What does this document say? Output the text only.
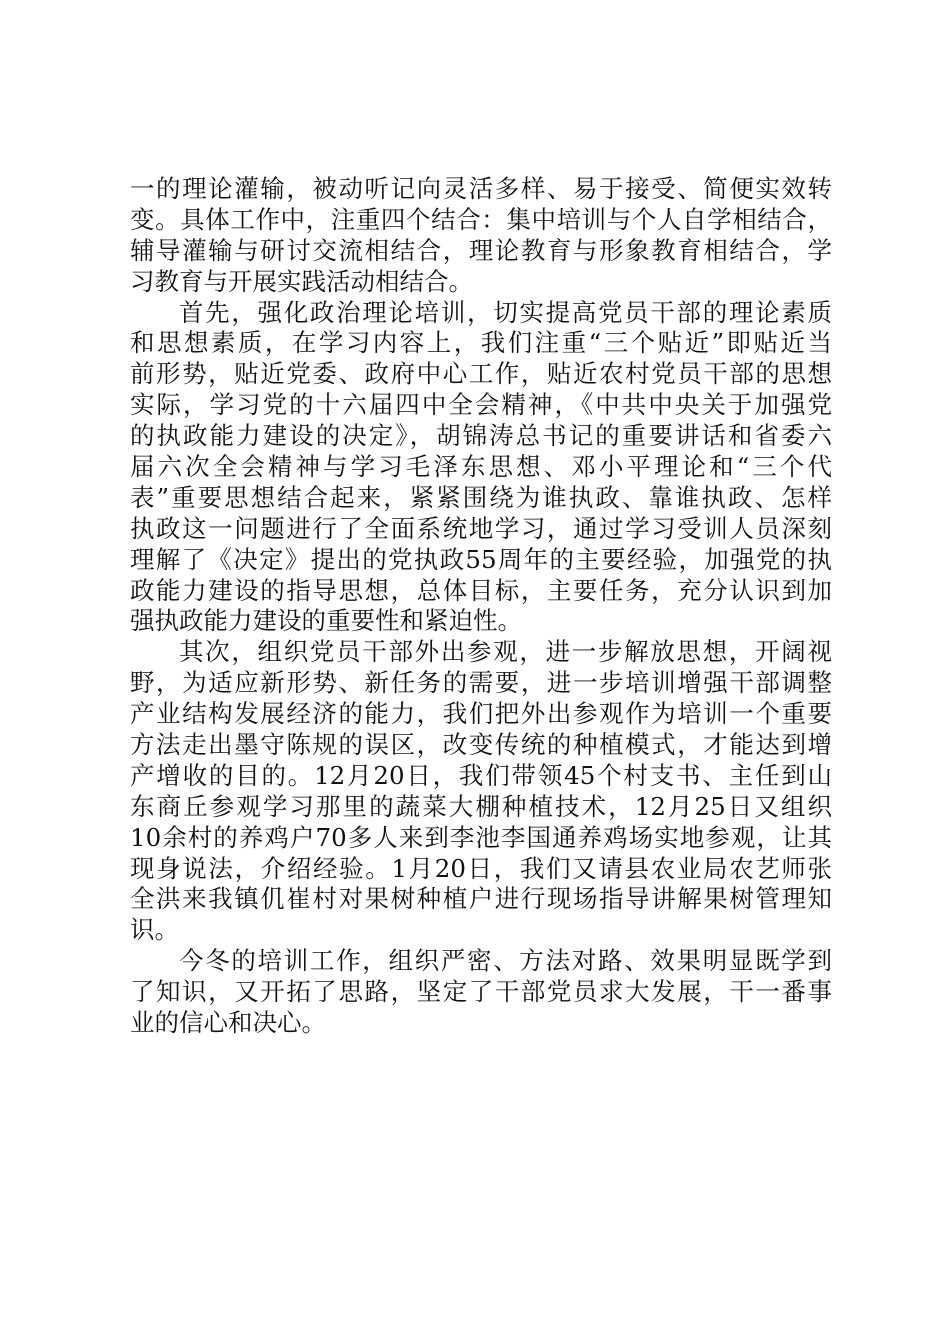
一的理论灌输，被动听记向灵活多样、易于接受、简便实效转
变。具体工作中，注重四个结合：集中培训与个人自学相结合，
辅导灌输与研讨交流相结合，理论教育与形象教育相结合，学
习教育与开展实践活动相结合。
首先，强化政治理论培训，切实提高党员干部的理论素质
和思想素质，在学习内容上，我们注重“三个贴近”即贴近当
前形势，贴近党委、政府中心工作，贴近农村党员干部的思想
实际，学习党的十六届四中全会精神，《中共中央关于加强党
的执政能力建设的决定》，胡锦涛总书记的重要讲话和省委六
届六次全会精神与学习毛泽东思想、邓小平理论和“三个代
表”重要思想结合起来，紧紧围绕为谁执政、靠谁执政、怎样
执政这一问题进行了全面系统地学习，通过学习受训人员深刻
理解了《决定》提出的党执政55周年的主要经验，加强党的执
政能力建设的指导思想，总体目标，主要任务，充分认识到加
强执政能力建设的重要性和紧迫性。
其次，组织党员干部外出参观，进一步解放思想，开阔视
野，为适应新形势、新任务的需要，进一步培训增强干部调整
产业结构发展经济的能力，我们把外出参观作为培训一个重要
方法走出墨守陈规的误区，改变传统的种植模式，才能达到增
产增收的目的。12月20日，我们带领45个村支书、主任到山
东商丘参观学习那里的蔬菜大棚种植技术，12月25日又组织
10余村的养鸡户70多人来到李池李国通养鸡场实地参观，让其
现身说法，介绍经验。1月20日，我们又请县农业局农艺师张
全洪来我镇仉崔村对果树种植户进行现场指导讲解果树管理知
识。
今冬的培训工作，组织严密、方法对路、效果明显既学到
了知识，又开拓了思路，坚定了干部党员求大发展，干一番事
业的信心和决心。
